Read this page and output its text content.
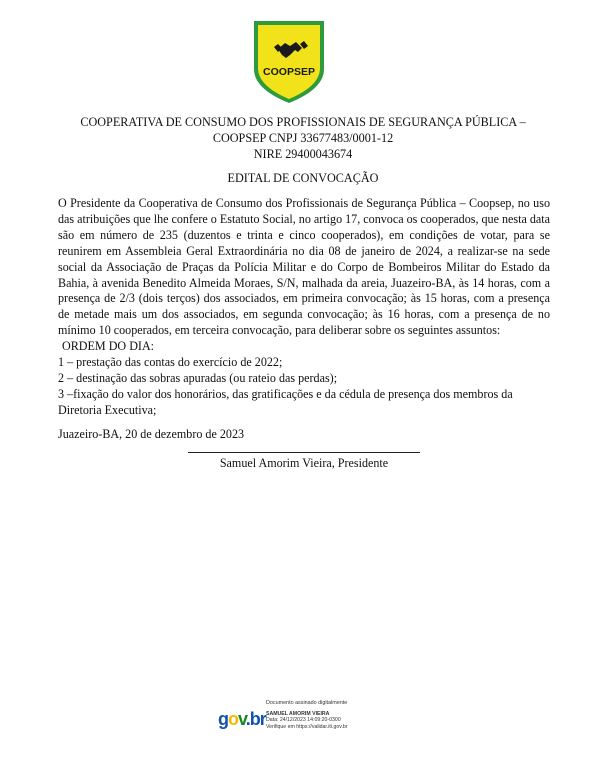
COOPSEP
COOPERATIVA DE CONSUMO DOS PROFISSIONAIS DE SEGURANÇA PÚBLICA –
COOPSEP CNPJ 33677483/0001-12
NIRE 29400043674
EDITAL DE CONVOCAÇÃO
O Presidente da Cooperativa de Consumo dos Profissionais de Segurança Pública – Coopsep, no uso das atribuições que lhe confere o Estatuto Social, no artigo 17, convoca os cooperados, que nesta data são em número de 235 (duzentos e trinta e cinco cooperados), em condições de votar, para se reunirem em Assembleia Geral Extraordinária no dia 08 de janeiro de 2024, a realizar-se na sede social da Associação de Praças da Polícia Militar e do Corpo de Bombeiros Militar do Estado da Bahia, à avenida Benedito Almeida Moraes, S/N, malhada da areia, Juazeiro-BA, às 14 horas, com a presença de 2/3 (dois terços) dos associados, em primeira convocação; às 15 horas, com a presença de metade mais um dos associados, em segunda convocação; às 16 horas, com a presença de no mínimo 10 cooperados, em terceira convocação, para deliberar sobre os seguintes assuntos:
ORDEM DO DIA:
1 – prestação das contas do exercício de 2022;
2 – destinação das sobras apuradas (ou rateio das perdas);
3 –fixação do valor dos honorários, das gratificações e da cédula de presença dos membros da Diretoria Executiva;
Juazeiro-BA, 20 de dezembro de 2023
Samuel Amorim Vieira, Presidente
gov.br
Documento assinado digitalmente
SAMUEL AMORIM VIEIRA
Data: 24/12/2023 14:09:20-0300
Verifique em https://validar.iti.gov.br
